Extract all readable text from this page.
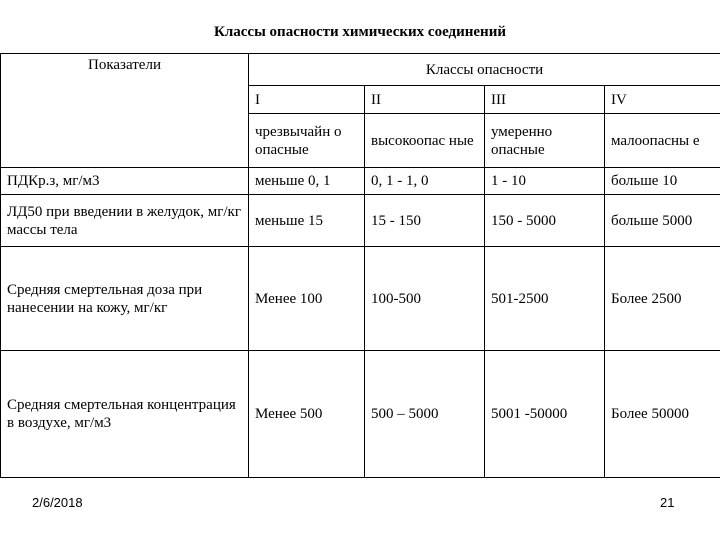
Классы опасности химических соединений
Показатели	Классы опасности			
	I	II	III	IV
	чрезвычайн о опасные	высокоопас ные	умеренно опасные	малоопасны е
ПДКр.з, мг/м3	меньше 0, 1	0, 1 - 1, 0	1 - 10	больше 10
ЛД50 при введении в желудок, мг/кг массы тела	меньше 15	15 - 150	150 - 5000	больше 5000
Средняя смертельная доза при нанесении на кожу, мг/кг	Менее 100	100-500	501-2500	Более 2500
Средняя смертельная концентрация в воздухе, мг/м3	Менее 500	500 – 5000	5001 -50000	Более 50000
2/6/2018	21
